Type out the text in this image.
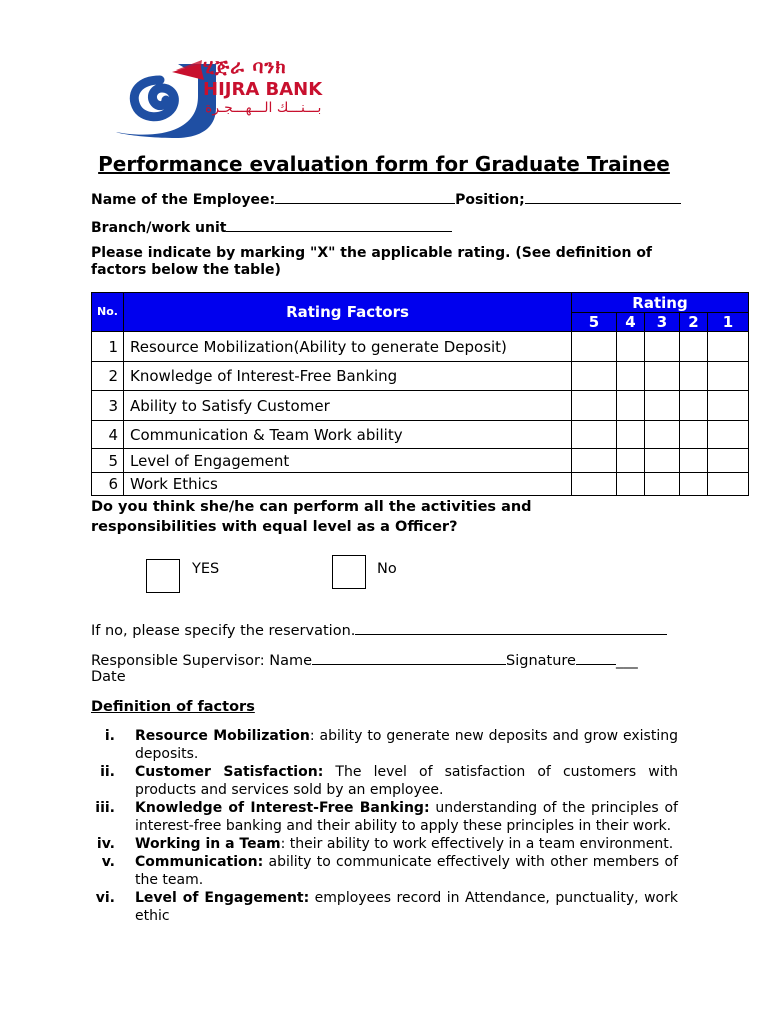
ሂጅራ ባንክ
HIJRA BANK
بـــنـــك الـــهـــجـرة
Performance evaluation form for Graduate Trainee
Name of the Employee:	Position;
Branch/work unit
Please indicate by marking "X" the applicable rating. (See definition of factors below the table)
No.	Rating Factors	Rating				
		5	4	3	2	1
1	Resource Mobilization(Ability to generate Deposit)					
2	Knowledge of Interest-Free Banking					
3	Ability to Satisfy Customer					
4	Communication & Team Work ability					
5	Level of Engagement					
6	Work Ethics					
Do you think she/he can perform all the activities and responsibilities with equal level as a Officer?
YES	No
If no, please specify the reservation.
Responsible Supervisor: Name	Signature	___
Date
Definition of factors
i.	Resource Mobilization: ability to generate new deposits and grow existing deposits.
ii.	Customer Satisfaction: The level of satisfaction of customers with products and services sold by an employee.
iii.	Knowledge of Interest-Free Banking: understanding of the principles of interest-free banking and their ability to apply these principles in their work.
iv.	Working in a Team: their ability to work effectively in a team environment.
v.	Communication: ability to communicate effectively with other members of the team.
vi.	Level of Engagement: employees record in Attendance, punctuality, work ethic
